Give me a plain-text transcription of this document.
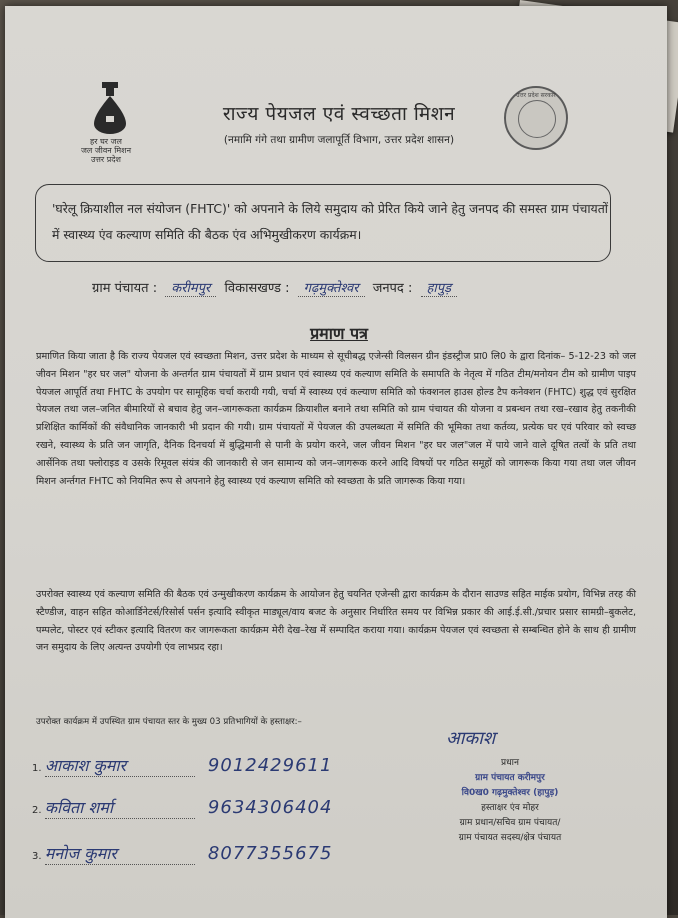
हर घर जल
जल जीवन मिशन
उत्तर प्रदेश
उत्तर प्रदेश सरकार
राज्य पेयजल एवं स्वच्छता मिशन
(नमामि गंगे तथा ग्रामीण जलापूर्ति विभाग, उत्तर प्रदेश शासन)
'घरेलू क्रियाशील नल संयोजन (FHTC)' को अपनाने के लिये समुदाय को प्रेरित किये जाने हेतु जनपद की समस्त ग्राम पंचायतों में स्वास्थ्य एंव कल्याण समिति की बैठक एंव अभिमुखीकरण कार्यक्रम।
ग्राम पंचायत : करीमपुर विकासखण्ड : गढ़मुक्तेश्वर जनपद : हापुड़
प्रमाण पत्र
प्रमाणित किया जाता है कि राज्य पेयजल एवं स्वच्छता मिशन, उत्तर प्रदेश के माध्यम से सूचीबद्ध एजेन्सी विलसन ग्रीन इंडस्ट्रीज प्रा0 लि0 के द्वारा दिनांक– 5-12-23 को जल जीवन मिशन "हर घर जल" योजना के अन्तर्गत ग्राम पंचायतों में ग्राम प्रधान एवं स्वास्थ्य एवं कल्याण समिति के समापति के नेतृत्व में गठित टीम/मनोयन टीम को ग्रामीण पाइप पेयजल आपूर्ति तथा FHTC के उपयोग पर सामूहिक चर्चा करायी गयी, चर्चा में स्वास्थ्य एवं कल्याण समिति को फंक्शनल हाउस होल्ड टैप कनेक्शन (FHTC) शुद्ध एवं सुरक्षित पेयजल तथा जल–जनित बीमारियों से बचाव हेतु जन–जागरूकता कार्यक्रम क्रियाशील बनाने तथा समिति को ग्राम पंचायत की योजना व प्रबन्धन तथा रख–रखाव हेतु तकनीकी प्रशिक्षित कार्मिकों की संवैधानिक जानकारी भी प्रदान की गयी। ग्राम पंचायतों में पेयजल की उपलब्धता में समिति की भूमिका तथा कर्तव्य, प्रत्येक घर एवं परिवार को स्वच्छ रखने, स्वास्थ्य के प्रति जन जागृति, दैनिक दिनचर्या में बुद्धिमानी से पानी के प्रयोग करने, जल जीवन मिशन "हर घर जल"जल में पाये जाने वाले दूषित तत्वों के प्रति तथा आर्सेनिक तथा फ्लोराइड व उसके रिमूवल संयंत्र की जानकारी से जन सामान्य को जन–जागरूक करने आदि विषयों पर गठित समूहों को जागरूक किया गया तथा जल जीवन मिशन अर्न्तगत FHTC को नियमित रूप से अपनाने हेतु स्वास्थ्य एवं कल्याण समिति को स्वच्छता के प्रति जागरूक किया गया।
उपरोक्त स्वास्थ्य एवं कल्याण समिति की बैठक एवं उन्मुखीकरण कार्यक्रम के आयोजन हेतु चयनित एजेन्सी द्वारा कार्यक्रम के दौरान साउण्ड सहित माईक प्रयोग, विभिन्न तरह की स्टैण्डीज, वाहन सहित कोआर्डिनेटर्स/रिसोर्स पर्सन इत्यादि स्वीकृत माड्यूल/वाय बजट के अनुसार निर्धारित समय पर विभिन्न प्रकार की आई.ई.सी./प्रचार प्रसार सामग्री–बुकलेट, पम्पलेट, पोस्टर एवं स्टीकर इत्यादि वितरण कर जागरूकता कार्यक्रम मेरी देख–रेख में सम्पादित कराया गया। कार्यक्रम पेयजल एवं स्वच्छता से सम्बन्धित होने के साथ ही ग्रामीण जन समुदाय के लिए अत्यन्त उपयोगी एंव लाभप्रद रहा।
उपरोक्त कार्यक्रम में उपस्थित ग्राम पंचायत स्तर के मुख्य 03 प्रतिभागियों के हस्ताक्षर:–
1. आकाश कुमार	9012429611
2. कविता शर्मा	9634306404
3. मनोज कुमार	8077355675
आकाश
प्रधान
ग्राम पंचायत करीमपुर
वि0ख0 गढ़मुक्तेश्वर (हापुड़)
हस्ताक्षर एंव मोहर
ग्राम प्रधान/सचिव ग्राम पंचायत/
ग्राम पंचायत सदस्य/क्षेत्र पंचायत
